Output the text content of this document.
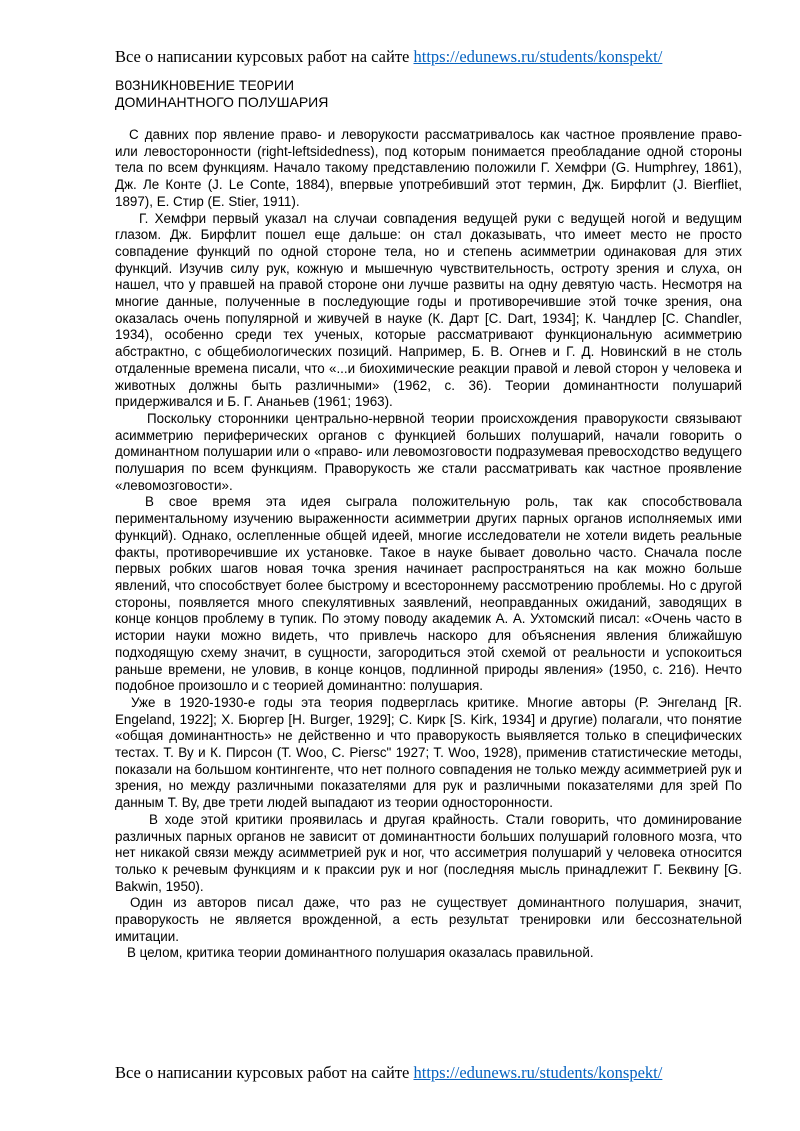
Все о написании курсовых работ на сайте https://edunews.ru/students/konspekt/
В0ЗНИКН0ВЕНИЕ ТЕ0РИИ
ДОМИНАНТНОГО ПОЛУШАРИЯ

С давних пор явление право- и леворукости рассматривалось как частное проявление право- или левосторонности (right-leftsidedness), под которым понимается преобладание одной стороны тела по всем функциям. Начало такому представлению положили Г. Хемфри (G. Humphrey, 1861), Дж. Ле Конте (J. Le Conte, 1884), впервые употребивший этот термин, Дж. Бирфлит (J. Bierfliet, 1897), Е. Стир (E. Stier, 1911).

Г. Хемфри первый указал на случаи совпадения ведущей руки с ведущей ногой и ведущим глазом. Дж. Бирфлит пошел еще дальше: он стал доказывать, что имеет место не просто совпадение функций по одной стороне тела, но и степень асимметрии одинаковая для этих функций. Изучив силу рук, кожную и мышечную чувствительность, остроту зрения и слуха, он нашел, что у правшей на правой стороне они лучше развиты на одну девятую часть. Несмотря на многие данные, полученные в последующие годы и противоречившие этой точке зрения, она оказалась очень популярной и живучей в науке (К. Дарт [C. Dart, 1934]; К. Чандлер [C. Chandler, 1934), особенно среди тех ученых, которые рассматривают функциональную асимметрию абстрактно, с общебиологических позиций. Например, Б. В. Огнев и Г. Д. Новинский в не столь отдаленные времена писали, что «...и биохимические реакции правой и левой сторон у человека и животных должны быть различными» (1962, с. 36). Теории доминантности полушарий придерживался и Б. Г. Ананьев (1961; 1963).

Поскольку сторонники центрально-нервной теории происхождения праворукости связывают асимметрию периферических органов с функцией больших полушарий, начали говорить о доминантном полушарии или о «право- или левомозговости подразумевая превосходство ведущего полушария по всем функциям. Праворукость же стали рассматривать как частное проявление «левомозговости».

В свое время эта идея сыграла положительную роль, так как способствовала периментальному изучению выраженности асимметрии других парных органов исполняемых ими функций). Однако, ослепленные общей идеей, многие исследователи не хотели видеть реальные факты, противоречившие их установке. Такое в науке бывает довольно часто. Сначала после первых робких шагов новая точка зрения начинает распространяться на как можно больше явлений, что способствует более быстрому и всестороннему рассмотрению проблемы. Но с другой стороны, появляется много спекулятивных заявлений, неоправданных ожиданий, заводящих в конце концов проблему в тупик. По этому поводу академик А. А. Ухтомский писал: «Очень часто в истории науки можно видеть, что привлечь наскоро для объяснения явления ближайшую подходящую схему значит, в сущности, загородиться этой схемой от реальности и успокоиться раньше времени, не уловив, в конце концов, подлинной природы явления» (1950, с. 216). Нечто подобное произошло и с теорией доминантно: полушария.

Уже в 1920-1930-е годы эта теория подверглась критике. Многие авторы (Р. Энгеланд [R. Engeland, 1922]; Х. Бюргер [H. Burger, 1929]; С. Кирк [S. Kirk, 1934] и другие) полагали, что понятие «общая доминантность» не действенно и что праворукость выявляется только в специфических тестах. Т. Ву и К. Пирсон (T. Woo, C. Piersc" 1927; T. Woo, 1928), применив статистические методы, показали на большом контингенте, что нет полного совпадения не только между асимметрией рук и зрения, но между различными показателями для рук и различными показателями для зрей По данным Т. Ву, две трети людей выпадают из теории односторонности.

В ходе этой критики проявилась и другая крайность. Стали говорить, что доминирование различных парных органов не зависит от доминантности больших полушарий головного мозга, что нет никакой связи между асимметрией рук и ног, что ассиметрия полушарий у человека относится только к речевым функциям и к праксии рук и ног (последняя мысль принадлежит Г. Беквину [G. Bakwin, 1950).

Один из авторов писал даже, что раз не существует доминантного полушария, значит, праворукость не является врожденной, а есть результат тренировки или бессознательной имитации.

В целом, критика теории доминантного полушария оказалась правильной.

Все о написании курсовых работ на сайте https://edunews.ru/students/konspekt/
